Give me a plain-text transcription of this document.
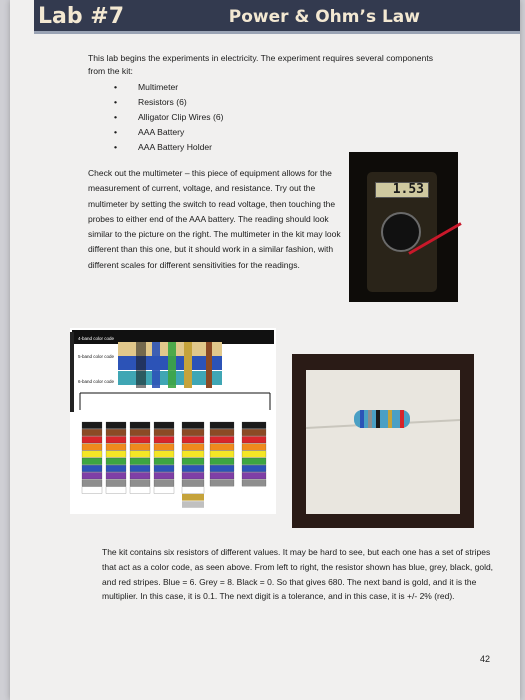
Lab #7	Power & Ohm’s Law

This lab begins the experiments in electricity. The experiment requires several components from the kit:

• Multimeter
• Resistors (6)
• Alligator Clip Wires (6)
• AAA Battery
• AAA Battery Holder

Check out the multimeter – this piece of equipment allows for the measurement of current, voltage, and resistance. Try out the multimeter by setting the switch to read voltage, then touching the probes to either end of the AAA battery. The reading should look similar to the picture on the right. The multimeter in the kit may look different than this one, but it should work in a similar fashion, with different scales for different sensitivities for the readings.

1.53
4-band color code
5-band color code
6-band color code

The kit contains six resistors of different values. It may be hard to see, but each one has a set of stripes that act as a color code, as seen above. From left to right, the resistor shown has blue, grey, black, gold, and red stripes. Blue = 6. Grey = 8. Black = 0. So that gives 680. The next band is gold, and it is the multiplier. In this case, it is 0.1. The next digit is a tolerance, and in this case, it is +/- 2% (red).

42
